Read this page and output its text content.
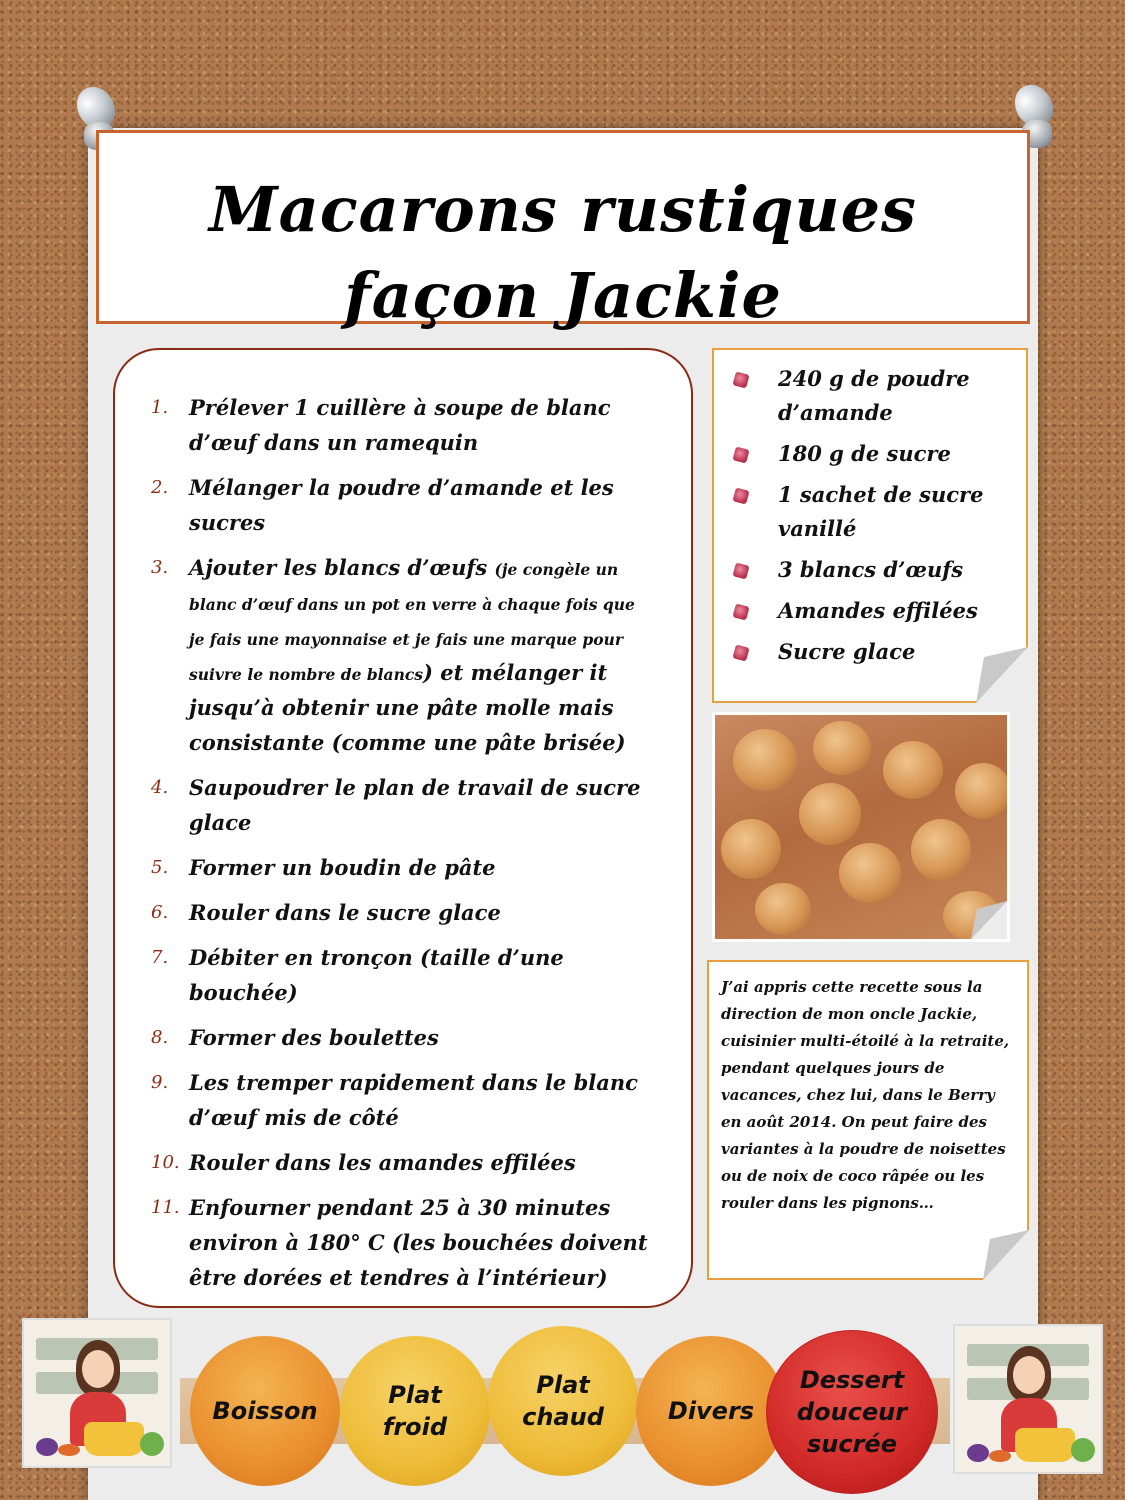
Macarons rustiques
façon Jackie
1. Prélever 1 cuillère à soupe de blanc d’œuf dans un ramequin
2. Mélanger la poudre d’amande et les sucres
3. Ajouter les blancs d’œufs (je congèle un blanc d’œuf dans un pot en verre à chaque fois que je fais une mayonnaise et je fais une marque pour suivre le nombre de blancs) et mélanger it jusqu’à obtenir une pâte molle mais consistante (comme une pâte brisée)
4. Saupoudrer le plan de travail de sucre glace
5. Former un boudin de pâte
6. Rouler dans le sucre glace
7. Débiter en tronçon (taille d’une bouchée)
8. Former des boulettes
9. Les tremper rapidement dans le blanc d’œuf mis de côté
10. Rouler dans les amandes effilées
11. Enfourner pendant 25 à 30 minutes environ à 180° C (les bouchées doivent être dorées et tendres à l’intérieur)
240 g de poudre d’amande
180 g de sucre
1 sachet de sucre vanillé
3 blancs d’œufs
Amandes effilées
Sucre glace
J’ai appris cette recette sous la direction de mon oncle Jackie, cuisinier multi-étoilé à la retraite, pendant quelques jours de vacances, chez lui, dans le Berry en août 2014. On peut faire des variantes à la poudre de noisettes ou de noix de coco râpée ou les rouler dans les pignons…
Boisson
Plat
froid
Plat
chaud	Divers
Dessert
douceur
sucrée
